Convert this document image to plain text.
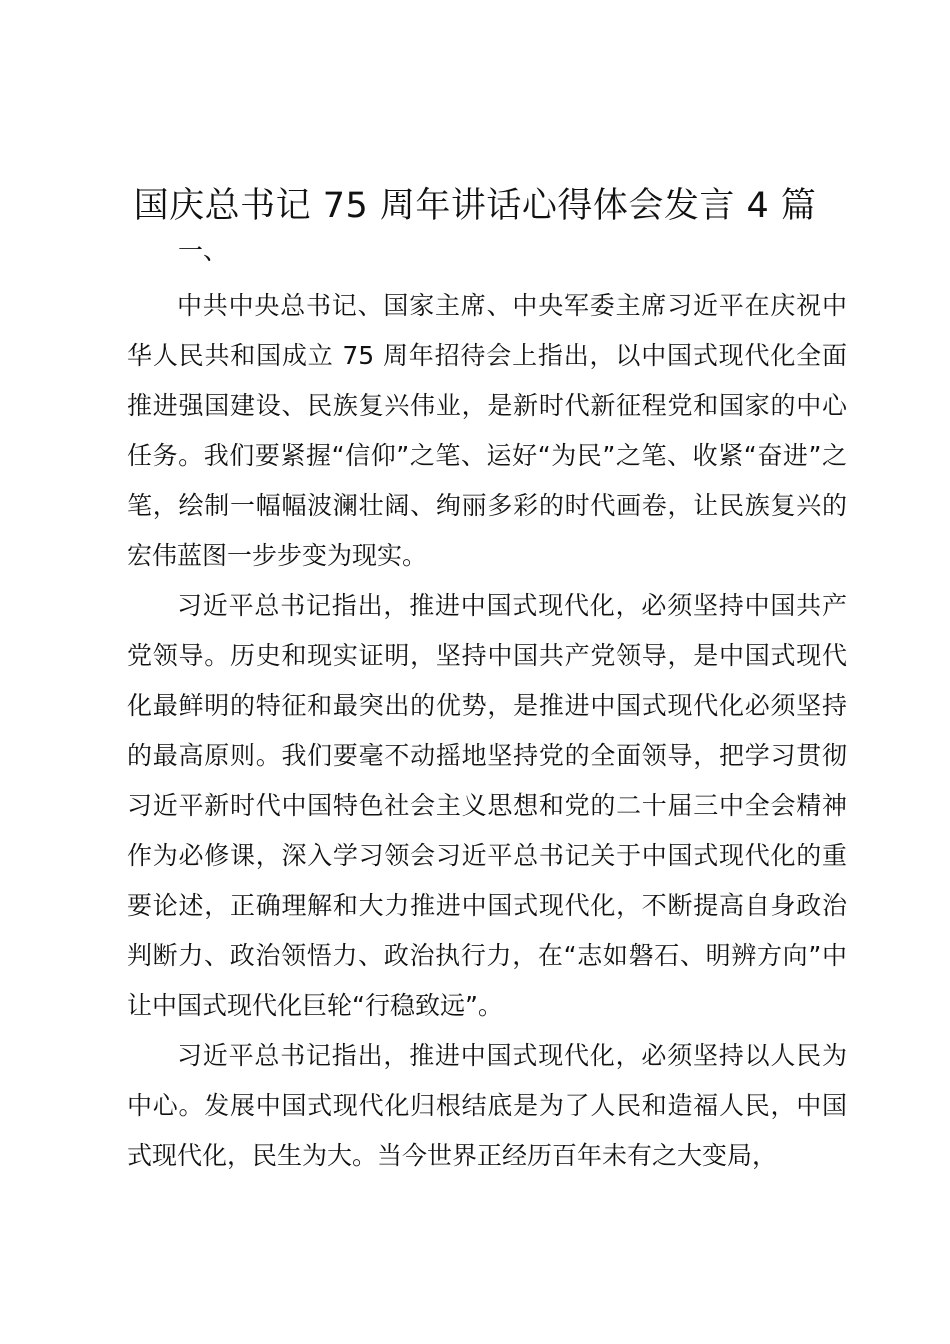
国庆总书记 75 周年讲话心得体会发言 4 篇
一、

中共中央总书记、国家主席、中央军委主席习近平在庆祝中华人民共和国成立 75 周年招待会上指出，以中国式现代化全面推进强国建设、民族复兴伟业，是新时代新征程党和国家的中心任务。我们要紧握“信仰”之笔、运好“为民”之笔、收紧“奋进”之笔，绘制一幅幅波澜壮阔、绚丽多彩的时代画卷，让民族复兴的宏伟蓝图一步步变为现实。

习近平总书记指出，推进中国式现代化，必须坚持中国共产党领导。历史和现实证明，坚持中国共产党领导，是中国式现代化最鲜明的特征和最突出的优势，是推进中国式现代化必须坚持的最高原则。我们要毫不动摇地坚持党的全面领导，把学习贯彻习近平新时代中国特色社会主义思想和党的二十届三中全会精神作为必修课，深入学习领会习近平总书记关于中国式现代化的重要论述，正确理解和大力推进中国式现代化，不断提高自身政治判断力、政治领悟力、政治执行力，在“志如磐石、明辨方向”中让中国式现代化巨轮“行稳致远”。

习近平总书记指出，推进中国式现代化，必须坚持以人民为中心。发展中国式现代化归根结底是为了人民和造福人民，中国式现代化，民生为大。当今世界正经历百年未有之大变局，
